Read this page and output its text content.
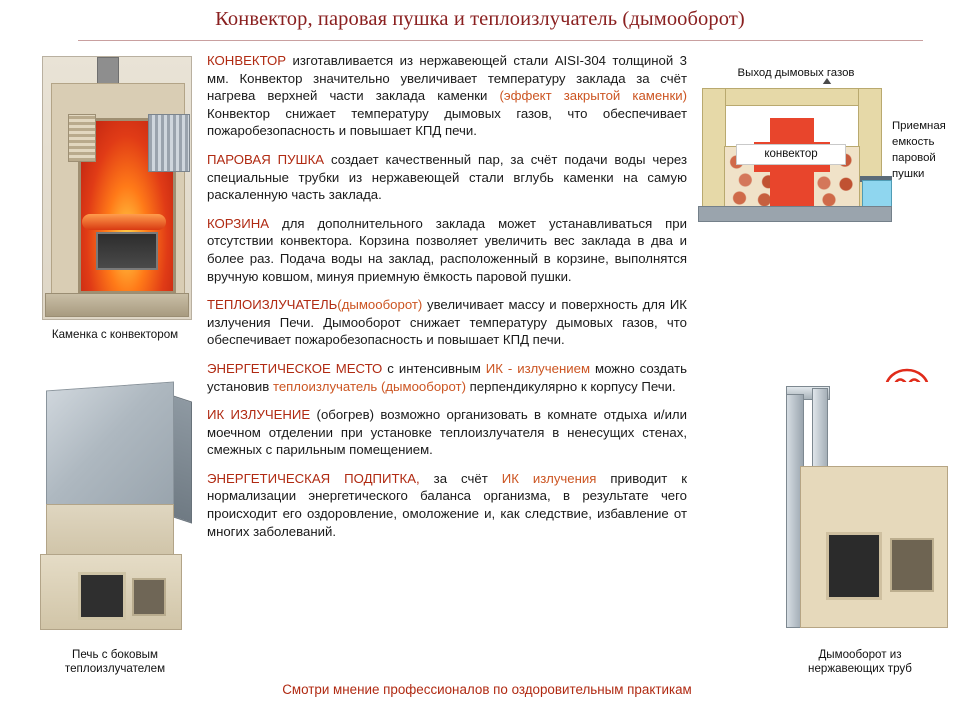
Конвектор, паровая пушка и теплоизлучатель (дымооборот)
Каменка с конвектором
Печь с боковым теплоизлучателем
КОНВЕКТОР изготавливается из нержавеющей стали AISI-304 толщиной 3 мм. Конвектор значительно увеличивает температуру заклада за счёт нагрева верхней части заклада каменки (эффект закрытой каменки) Конвектор снижает температуру дымовых газов, что обеспечивает пожаробезопасность и повышает КПД печи.
ПАРОВАЯ ПУШКА создает качественный пар, за счёт подачи воды через специальные трубки из нержавеющей стали вглубь каменки на самую раскаленную часть заклада.
КОРЗИНА для дополнительного заклада может устанавливаться при отсутствии конвектора. Корзина позволяет увеличить вес заклада в два и более раз. Подача воды на заклад, расположенный в корзине, выполнятся вручную ковшом, минуя приемную ёмкость паровой пушки.
ТЕПЛОИЗЛУЧАТЕЛЬ(дымооборот) увеличивает массу и поверхность для ИК излучения Печи. Дымооборот снижает температуру дымовых газов, что обеспечивает пожаробезопасность и повышает КПД печи.
ЭНЕРГЕТИЧЕСКОЕ МЕСТО с интенсивным ИК - излучением можно создать установив теплоизлучатель (дымооборот) перпендикулярно к корпусу Печи.
ИК ИЗЛУЧЕНИЕ (обогрев) возможно организовать в комнате отдыха и/или моечном отделении при установке теплоизлучателя в ненесущих стенах, смежных с парильным помещением.
ЭНЕРГЕТИЧЕСКАЯ ПОДПИТКА, за счёт ИК излучения приводит к нормализации энергетического баланса организма, в результате чего происходит его оздоровление, омоложение и, как следствие, избавление от многих заболеваний.
Выход дымовых газов
конвектор
Приемная емкость паровой пушки
Дымооборот из нержавеющих труб
Смотри мнение профессионалов по оздоровительным практикам
